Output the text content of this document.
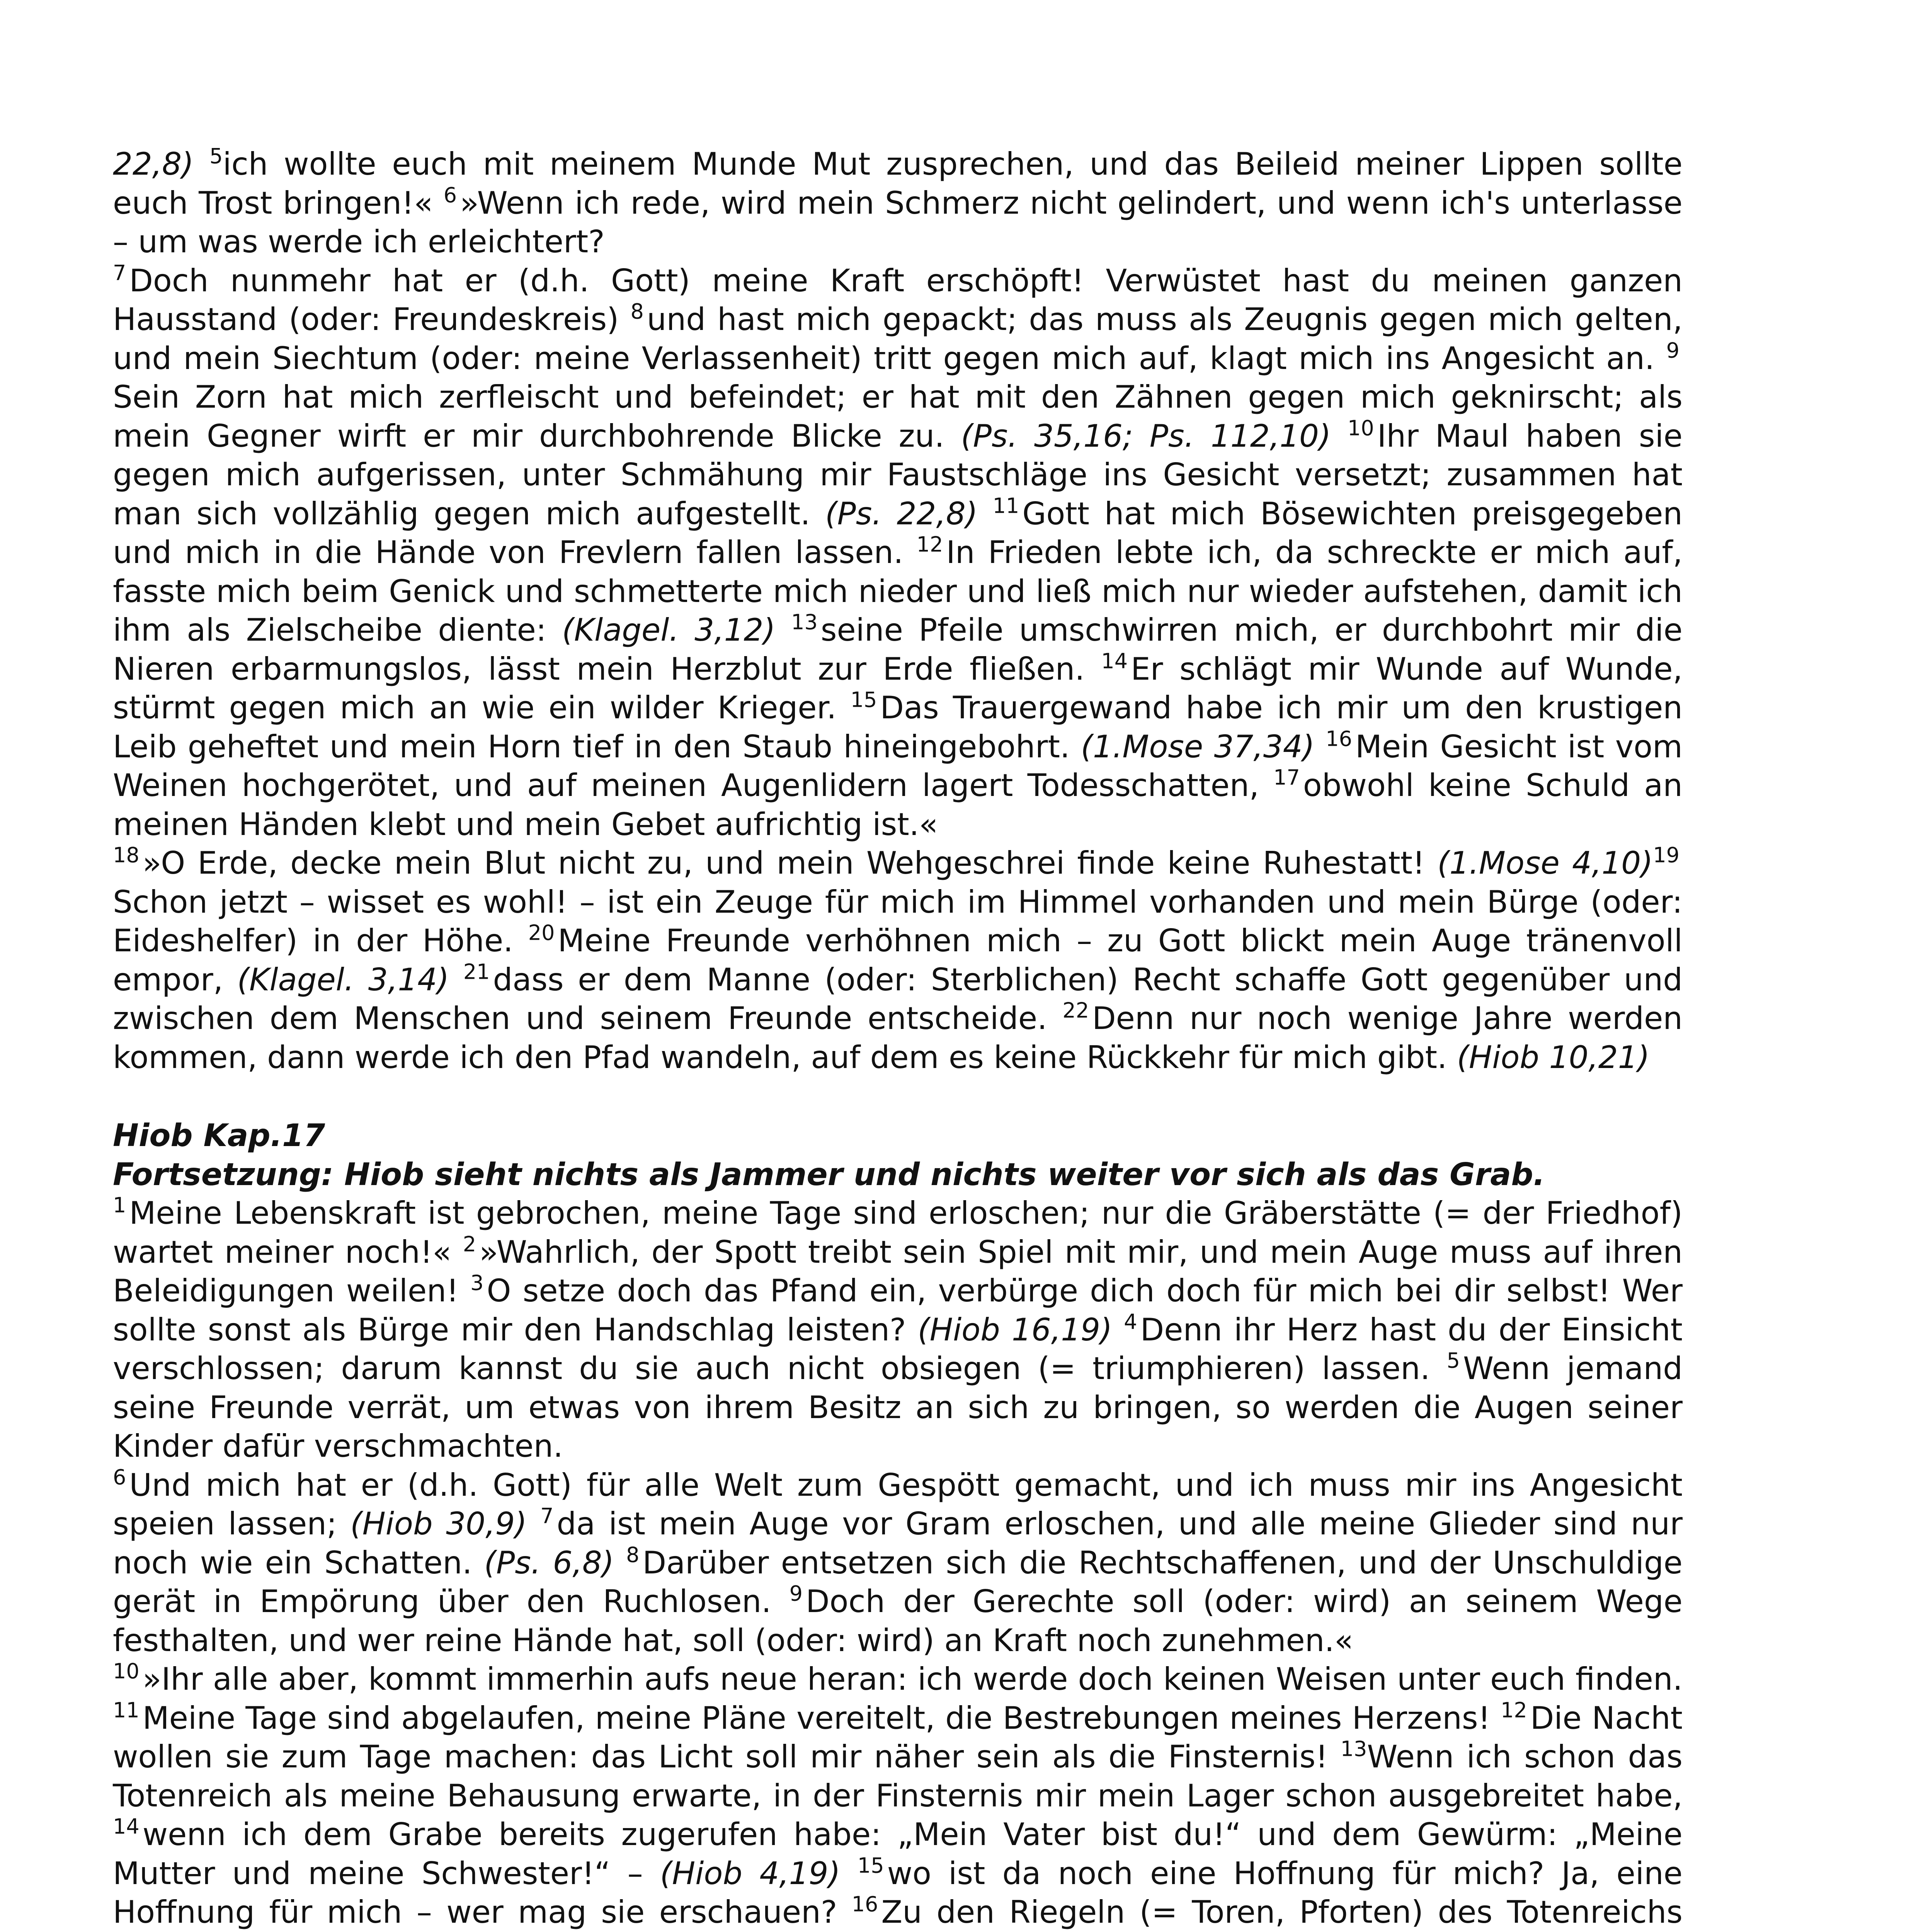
22,8) $^5$ich wollte euch mit meinem Munde Mut zusprechen, und das Beileid meiner Lippen sollte euch Trost bringen!« $^6$ »Wenn ich rede, wird mein Schmerz nicht gelindert, und wenn ich's unterlasse – um was werde ich erleichtert?

$^7$ Doch nunmehr hat er (d.h. Gott) meine Kraft erschöpft! Verwüstet hast du meinen ganzen Hausstand (oder: Freundeskreis) $^8$ und hast mich gepackt; das muss als Zeugnis gegen mich gelten, und mein Siechtum (oder: meine Verlassenheit) tritt gegen mich auf, klagt mich ins Angesicht an. $^9$ Sein Zorn hat mich zerfleischt und befeindet; er hat mit den Zähnen gegen mich geknirscht; als mein Gegner wirft er mir durchbohrende Blicke zu. (Ps. 35,16; Ps. 112,10) $^{10}$ Ihr Maul haben sie gegen mich aufgerissen, unter Schmähung mir Faustschläge ins Gesicht versetzt; zusammen hat man sich vollzählig gegen mich aufgestellt. (Ps. 22,8) $^{11}$ Gott hat mich Bösewichten preisgegeben und mich in die Hände von Frevlern fallen lassen. $^{12}$ In Frieden lebte ich, da schreckte er mich auf, fasste mich beim Genick und schmetterte mich nieder und ließ mich nur wieder aufstehen, damit ich ihm als Zielscheibe diente: (Klagel. 3,12) $^{13}$ seine Pfeile umschwirren mich, er durchbohrt mir die Nieren erbarmungslos, lässt mein Herzblut zur Erde fließen. $^{14}$ Er schlägt mir Wunde auf Wunde, stürmt gegen mich an wie ein wilder Krieger. $^{15}$ Das Trauergewand habe ich mir um den krustigen Leib geheftet und mein Horn tief in den Staub hineingebohrt. (1.Mose 37,34) $^{16}$ Mein Gesicht ist vom Weinen hochgerötet, und auf meinen Augenlidern lagert Todesschatten, $^{17}$ obwohl keine Schuld an meinen Händen klebt und mein Gebet aufrichtig ist.«

$^{18}$ »O Erde, decke mein Blut nicht zu, und mein Wehgeschrei finde keine Ruhestatt! (1.Mose 4,10)$^{19}$ Schon jetzt – wisset es wohl! – ist ein Zeuge für mich im Himmel vorhanden und mein Bürge (oder: Eideshelfer) in der Höhe. $^{20}$ Meine Freunde verhöhnen mich – zu Gott blickt mein Auge tränenvoll empor, (Klagel. 3,14) $^{21}$ dass er dem Manne (oder: Sterblichen) Recht schaffe Gott gegenüber und zwischen dem Menschen und seinem Freunde entscheide. $^{22}$ Denn nur noch wenige Jahre werden kommen, dann werde ich den Pfad wandeln, auf dem es keine Rückkehr für mich gibt. (Hiob 10,21)

Hiob Kap.17

Fortsetzung: Hiob sieht nichts als Jammer und nichts weiter vor sich als das Grab.

$^1$ Meine Lebenskraft ist gebrochen, meine Tage sind erloschen; nur die Gräberstätte (= der Friedhof) wartet meiner noch!« $^2$ »Wahrlich, der Spott treibt sein Spiel mit mir, und mein Auge muss auf ihren Beleidigungen weilen! $^3$ O setze doch das Pfand ein, verbürge dich doch für mich bei dir selbst! Wer sollte sonst als Bürge mir den Handschlag leisten? (Hiob 16,19) $^4$ Denn ihr Herz hast du der Einsicht verschlossen; darum kannst du sie auch nicht obsiegen (= triumphieren) lassen. $^5$ Wenn jemand seine Freunde verrät, um etwas von ihrem Besitz an sich zu bringen, so werden die Augen seiner Kinder dafür verschmachten.

$^6$ Und mich hat er (d.h. Gott) für alle Welt zum Gespött gemacht, und ich muss mir ins Angesicht speien lassen; (Hiob 30,9) $^7$ da ist mein Auge vor Gram erloschen, und alle meine Glieder sind nur noch wie ein Schatten. (Ps. 6,8) $^8$ Darüber entsetzen sich die Rechtschaffenen, und der Unschuldige gerät in Empörung über den Ruchlosen. $^9$ Doch der Gerechte soll (oder: wird) an seinem Wege festhalten, und wer reine Hände hat, soll (oder: wird) an Kraft noch zunehmen.«

$^{10}$ »Ihr alle aber, kommt immerhin aufs neue heran: ich werde doch keinen Weisen unter euch finden. $^{11}$ Meine Tage sind abgelaufen, meine Pläne vereitelt, die Bestrebungen meines Herzens! $^{12}$ Die Nacht wollen sie zum Tage machen: das Licht soll mir näher sein als die Finsternis! $^{13}$Wenn ich schon das Totenreich als meine Behausung erwarte, in der Finsternis mir mein Lager schon ausgebreitet habe, $^{14}$ wenn ich dem Grabe bereits zugerufen habe: „Mein Vater bist du!“ und dem Gewürm: „Meine Mutter und meine Schwester!“ – (Hiob 4,19) $^{15}$ wo ist da noch eine Hoffnung für mich? Ja, eine Hoffnung für mich – wer mag sie erschauen? $^{16}$ Zu den Riegeln (= Toren, Pforten) des Totenreichs
